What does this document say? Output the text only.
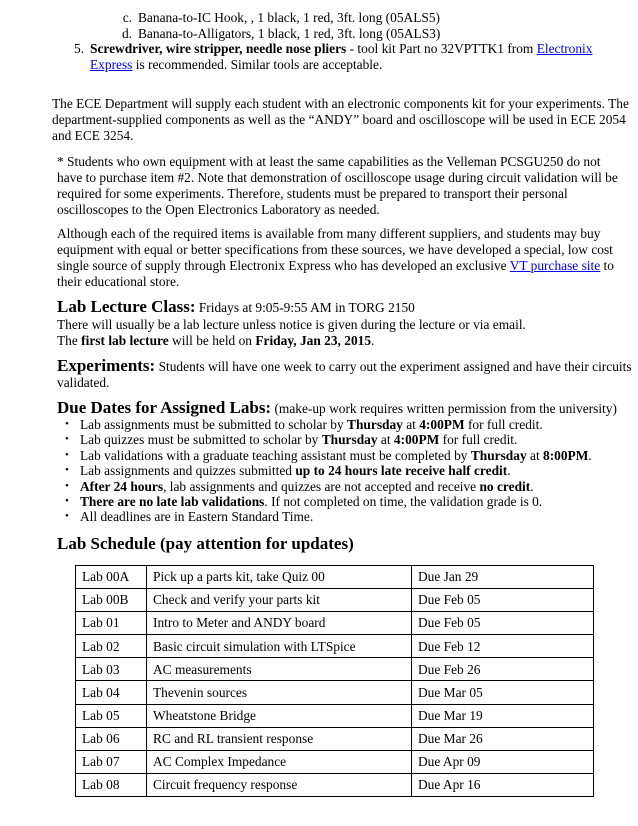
c. Banana-to-IC Hook, , 1 black, 1 red, 3ft. long (05ALS5)
d. Banana-to-Alligators, 1 black, 1 red, 3ft. long (05ALS3)
5. Screwdriver, wire stripper, needle nose pliers - tool kit Part no 32VPTTK1 from Electronix
Express is recommended. Similar tools are acceptable.
The ECE Department will supply each student with an electronic components kit for your experiments. The
department-supplied components as well as the “ANDY” board and oscilloscope will be used in ECE 2054
and ECE 3254.
* Students who own equipment with at least the same capabilities as the Velleman PCSGU250 do not
have to purchase item #2. Note that demonstration of oscilloscope usage during circuit validation will be
required for some experiments. Therefore, students must be prepared to transport their personal
oscilloscopes to the Open Electronics Laboratory as needed.
Although each of the required items is available from many different suppliers, and students may buy
equipment with equal or better specifications from these sources, we have developed a special, low cost
single source of supply through Electronix Express who has developed an exclusive VT purchase site to
their educational store.
Lab Lecture Class: Fridays at 9:05-9:55 AM in TORG 2150
There will usually be a lab lecture unless notice is given during the lecture or via email.
The first lab lecture will be held on Friday, Jan 23, 2015.
Experiments: Students will have one week to carry out the experiment assigned and have their circuits
validated.
Due Dates for Assigned Labs: (make-up work requires written permission from the university)
• Lab assignments must be submitted to scholar by Thursday at 4:00PM for full credit.
• Lab quizzes must be submitted to scholar by Thursday at 4:00PM for full credit.
• Lab validations with a graduate teaching assistant must be completed by Thursday at 8:00PM.
• Lab assignments and quizzes submitted up to 24 hours late receive half credit.
• After 24 hours, lab assignments and quizzes are not accepted and receive no credit.
• There are no late lab validations. If not completed on time, the validation grade is 0.
• All deadlines are in Eastern Standard Time.
Lab Schedule (pay attention for updates)
Lab 00A	Pick up a parts kit, take Quiz 00	Due Jan 29
Lab 00B	Check and verify your parts kit	Due Feb 05
Lab 01	Intro to Meter and ANDY board	Due Feb 05
Lab 02	Basic circuit simulation with LTSpice	Due Feb 12
Lab 03	AC measurements	Due Feb 26
Lab 04	Thevenin sources	Due Mar 05
Lab 05	Wheatstone Bridge	Due Mar 19
Lab 06	RC and RL transient response	Due Mar 26
Lab 07	AC Complex Impedance	Due Apr 09
Lab 08	Circuit frequency response	Due Apr 16
